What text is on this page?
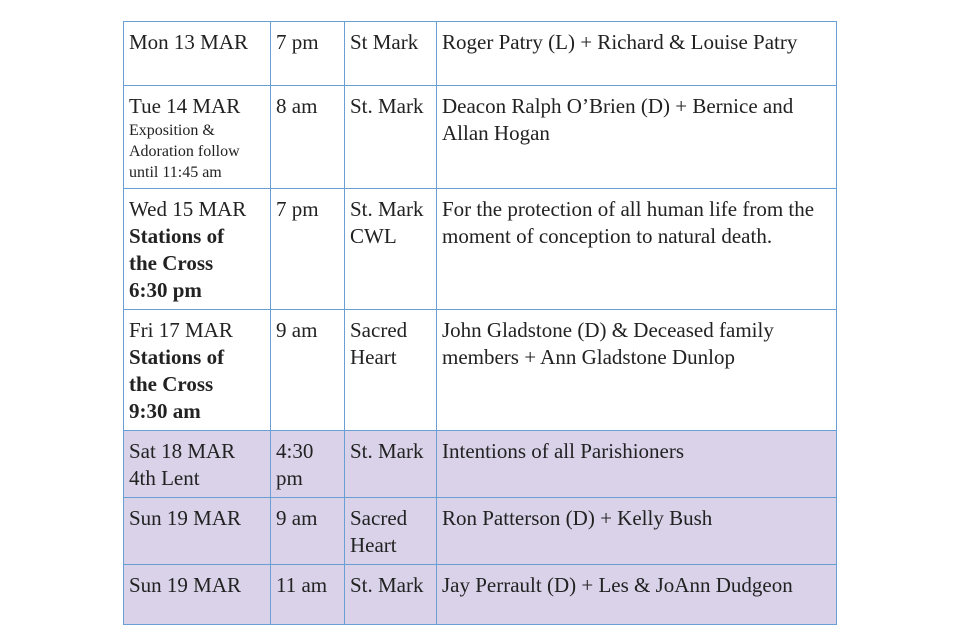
Mon 13 MAR	7 pm	St Mark	Roger Patry (L) + Richard & Louise Patry

Tue 14 MAR
Exposition &
Adoration follow
until 11:45 am	8 am	St. Mark	Deacon Ralph O’Brien (D) + Bernice and Allan Hogan

Wed 15 MAR
Stations of
the Cross
6:30 pm	7 pm	St. Mark
CWL	For the protection of all human life from the moment of conception to natural death.

Fri 17 MAR
Stations of
the Cross
9:30 am	9 am	Sacred
Heart	John Gladstone (D) & Deceased family members + Ann Gladstone Dunlop

Sat 18 MAR
4th Lent	4:30
pm	St. Mark	Intentions of all Parishioners

Sun 19 MAR	9 am	Sacred
Heart	Ron Patterson (D) + Kelly Bush

Sun 19 MAR	11 am	St. Mark	Jay Perrault (D) + Les & JoAnn Dudgeon
